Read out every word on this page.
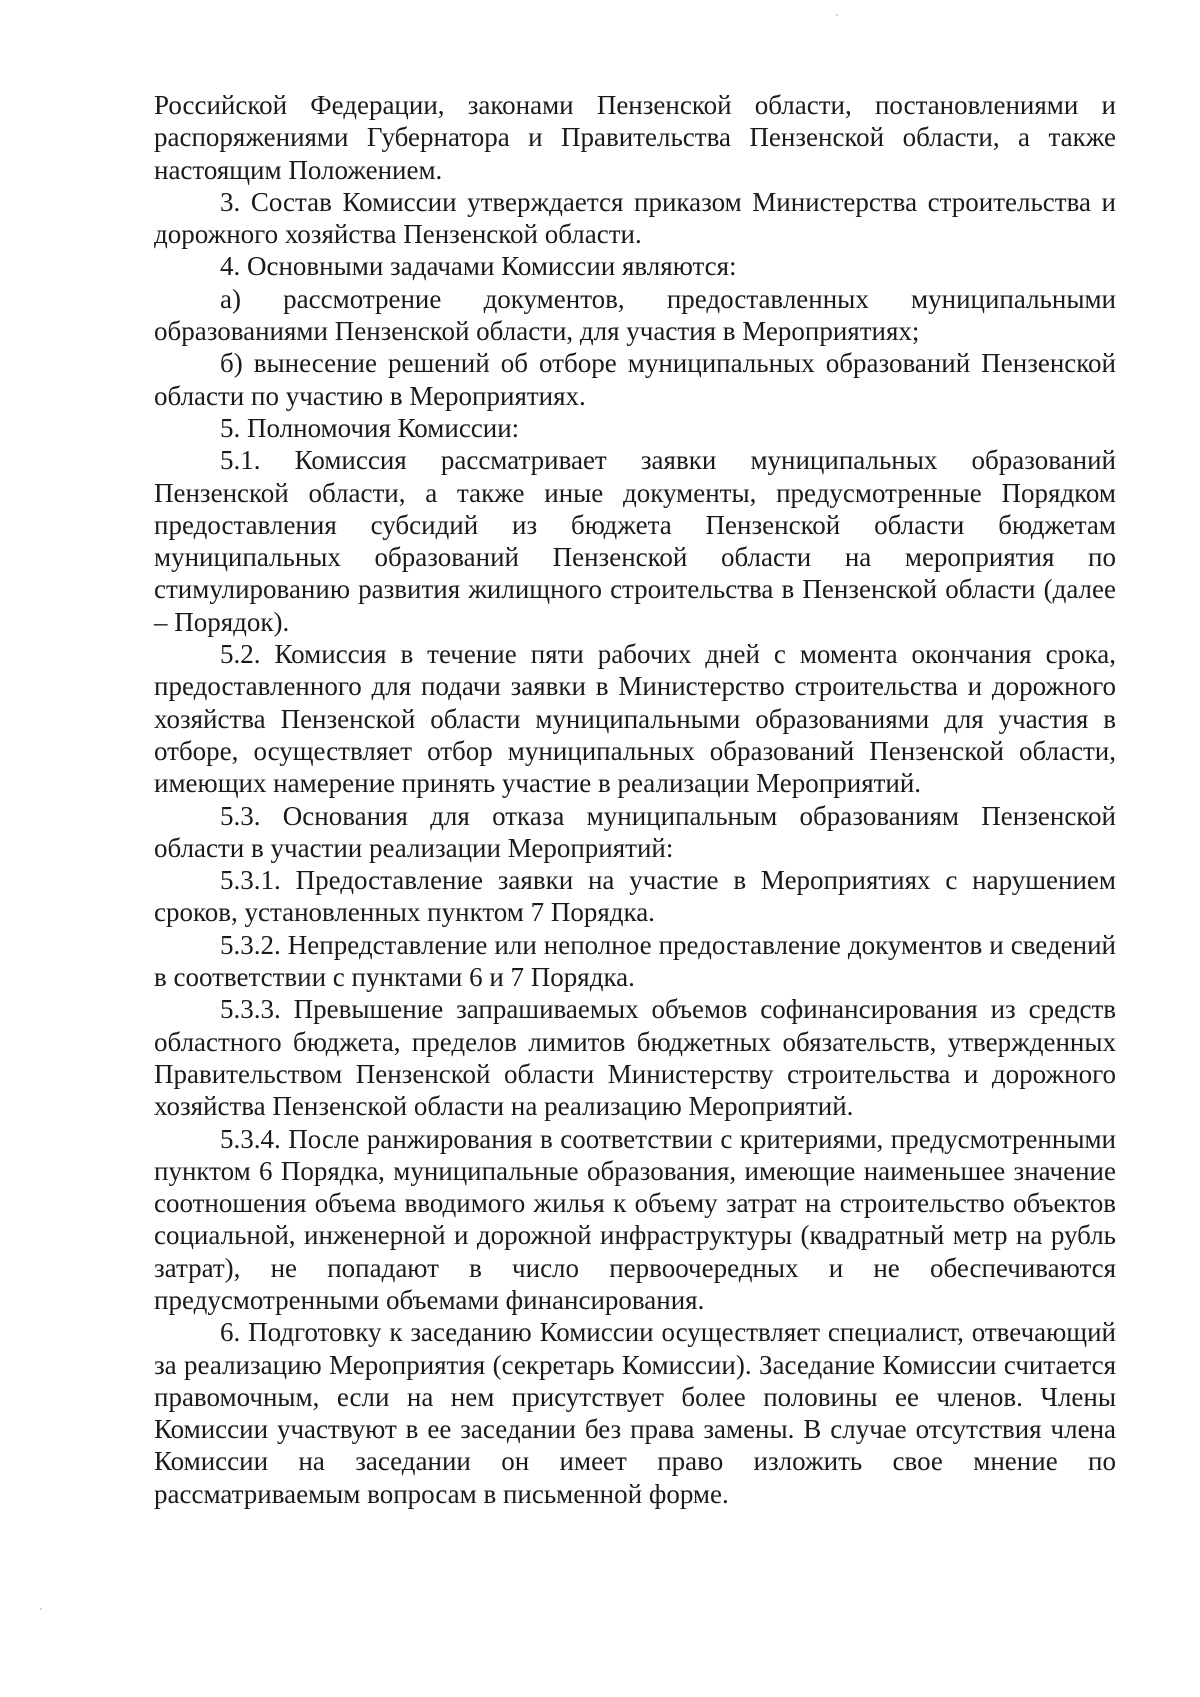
Российской Федерации, законами Пензенской области, постановлениями и распоряжениями Губернатора и Правительства Пензенской области, а также настоящим Положением.

3. Состав Комиссии утверждается приказом Министерства строительства и дорожного хозяйства Пензенской области.

4. Основными задачами Комиссии являются:

а) рассмотрение документов, предоставленных муниципальными образованиями Пензенской области, для участия в Мероприятиях;

б) вынесение решений об отборе муниципальных образований Пензенской области по участию в Мероприятиях.

5. Полномочия Комиссии:

5.1. Комиссия рассматривает заявки муниципальных образований Пензенской области, а также иные документы, предусмотренные Порядком предоставления субсидий из бюджета Пензенской области бюджетам муниципальных образований Пензенской области на мероприятия по стимулированию развития жилищного строительства в Пензенской области (далее – Порядок).

5.2. Комиссия в течение пяти рабочих дней с момента окончания срока, предоставленного для подачи заявки в Министерство строительства и дорожного хозяйства Пензенской области муниципальными образованиями для участия в отборе, осуществляет отбор муниципальных образований Пензенской области, имеющих намерение принять участие в реализации Мероприятий.

5.3. Основания для отказа муниципальным образованиям Пензенской области в участии реализации Мероприятий:

5.3.1. Предоставление заявки на участие в Мероприятиях с нарушением сроков, установленных пунктом 7 Порядка.

5.3.2. Непредставление или неполное предоставление документов и сведений в соответствии с пунктами 6 и 7 Порядка.

5.3.3. Превышение запрашиваемых объемов софинансирования из средств областного бюджета, пределов лимитов бюджетных обязательств, утвержденных Правительством Пензенской области Министерству строительства и дорожного хозяйства Пензенской области на реализацию Мероприятий.

5.3.4. После ранжирования в соответствии с критериями, предусмотренными пунктом 6 Порядка, муниципальные образования, имеющие наименьшее значение соотношения объема вводимого жилья к объему затрат на строительство объектов социальной, инженерной и дорожной инфраструктуры (квадратный метр на рубль затрат), не попадают в число первоочередных и не обеспечиваются предусмотренными объемами финансирования.

6. Подготовку к заседанию Комиссии осуществляет специалист, отвечающий за реализацию Мероприятия (секретарь Комиссии). Заседание Комиссии считается правомочным, если на нем присутствует более половины ее членов. Члены Комиссии участвуют в ее заседании без права замены. В случае отсутствия члена Комиссии на заседании он имеет право изложить свое мнение по рассматриваемым вопросам в письменной форме.
